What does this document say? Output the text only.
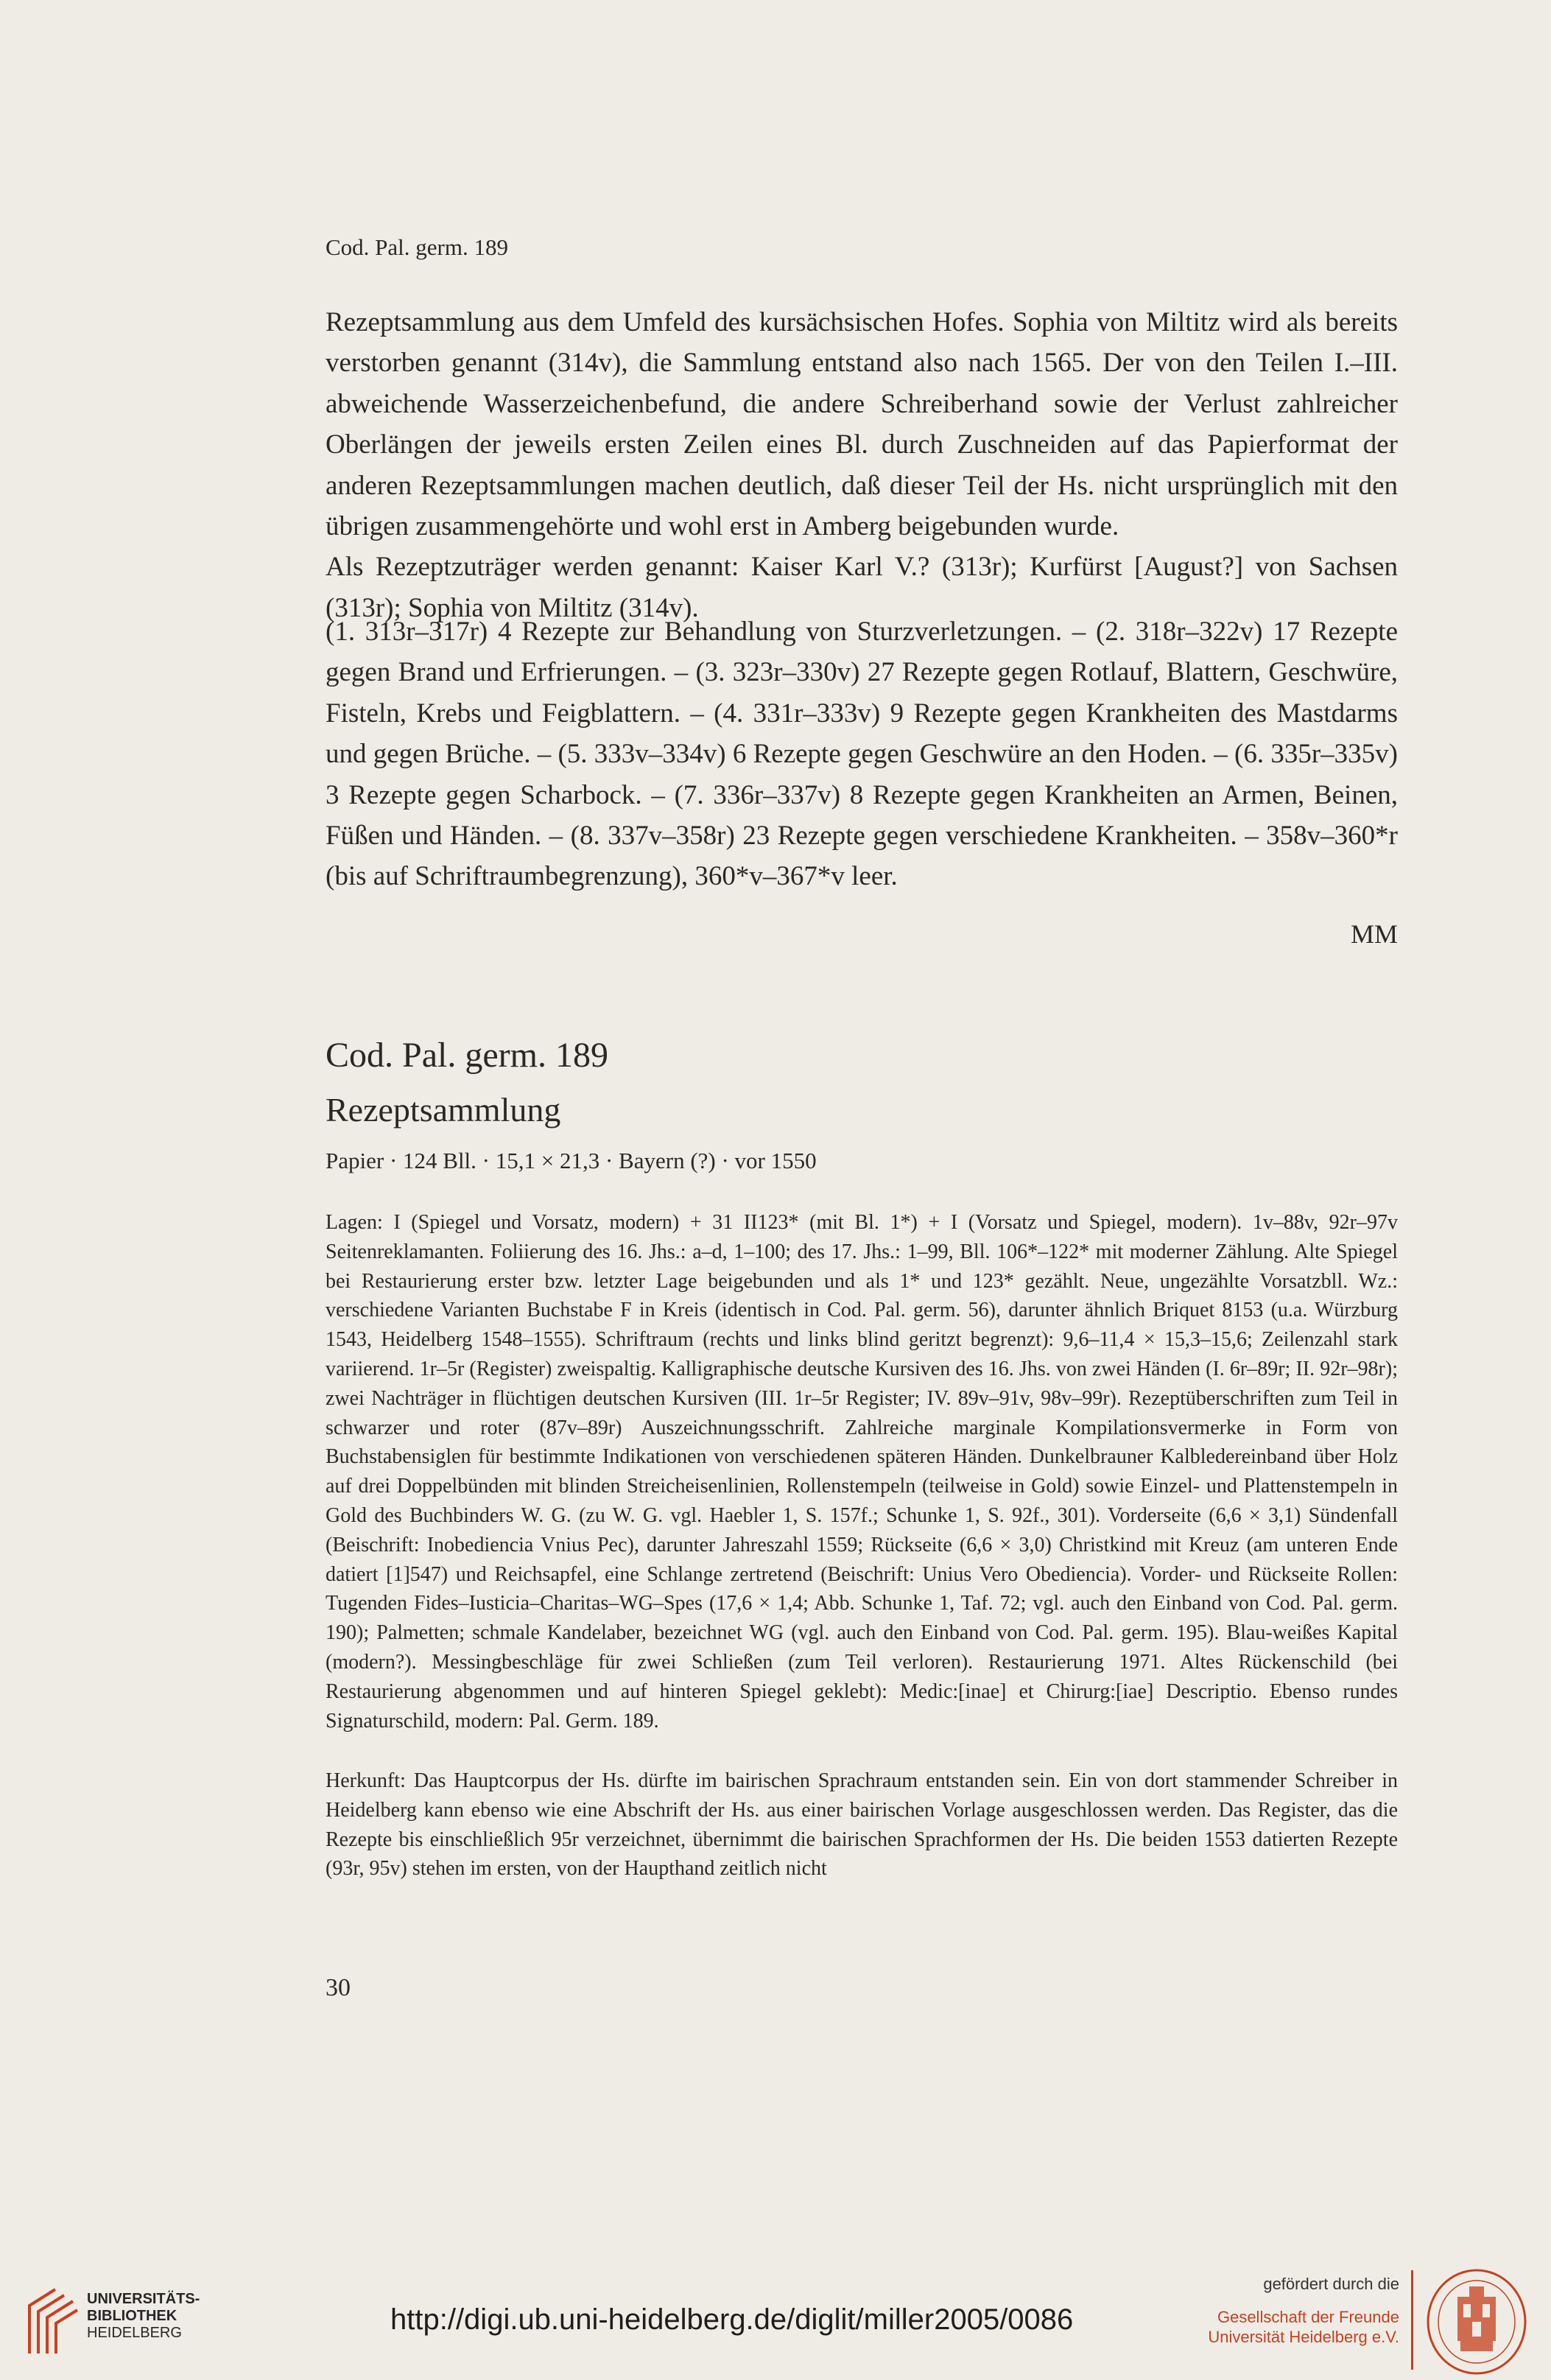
Cod. Pal. germ. 189

Rezeptsammlung aus dem Umfeld des kursächsischen Hofes. Sophia von Miltitz wird als bereits verstorben genannt (314v), die Sammlung entstand also nach 1565. Der von den Teilen I.–III. abweichende Wasserzeichenbefund, die andere Schreiberhand sowie der Verlust zahlreicher Oberlängen der jeweils ersten Zeilen eines Bl. durch Zuschneiden auf das Papierformat der anderen Rezeptsammlungen machen deutlich, daß dieser Teil der Hs. nicht ursprünglich mit den übrigen zusammengehörte und wohl erst in Amberg beigebunden wurde.

Als Rezeptzuträger werden genannt: Kaiser Karl V.? (313r); Kurfürst [August?] von Sachsen (313r); Sophia von Miltitz (314v).

(1. 313r–317r) 4 Rezepte zur Behandlung von Sturzverletzungen. – (2. 318r–322v) 17 Rezepte gegen Brand und Erfrierungen. – (3. 323r–330v) 27 Rezepte gegen Rotlauf, Blattern, Geschwüre, Fisteln, Krebs und Feigblattern. – (4. 331r–333v) 9 Rezepte gegen Krankheiten des Mastdarms und gegen Brüche. – (5. 333v–334v) 6 Rezepte gegen Geschwüre an den Hoden. – (6. 335r–335v) 3 Rezepte gegen Scharbock. – (7. 336r–337v) 8 Rezepte gegen Krankheiten an Armen, Beinen, Füßen und Händen. – (8. 337v–358r) 23 Rezepte gegen verschiedene Krankheiten. – 358v–360*r (bis auf Schriftraumbegrenzung), 360*v–367*v leer.

MM
Cod. Pal. germ. 189
Rezeptsammlung
Papier · 124 Bll. · 15,1 × 21,3 · Bayern (?) · vor 1550

Lagen: I (Spiegel und Vorsatz, modern) + 31 II123* (mit Bl. 1*) + I (Vorsatz und Spiegel, modern). 1v–88v, 92r–97v Seitenreklamanten. Foliierung des 16. Jhs.: a–d, 1–100; des 17. Jhs.: 1–99, Bll. 106*–122* mit moderner Zählung. Alte Spiegel bei Restaurierung erster bzw. letzter Lage beigebunden und als 1* und 123* gezählt. Neue, ungezählte Vorsatzbll. Wz.: verschiedene Varianten Buchstabe F in Kreis (identisch in Cod. Pal. germ. 56), darunter ähnlich Briquet 8153 (u.a. Würzburg 1543, Heidelberg 1548–1555). Schriftraum (rechts und links blind geritzt begrenzt): 9,6–11,4 × 15,3–15,6; Zeilenzahl stark variierend. 1r–5r (Register) zweispaltig. Kalligraphische deutsche Kursiven des 16. Jhs. von zwei Händen (I. 6r–89r; II. 92r–98r); zwei Nachträger in flüchtigen deutschen Kursiven (III. 1r–5r Register; IV. 89v–91v, 98v–99r). Rezeptüberschriften zum Teil in schwarzer und roter (87v–89r) Auszeichnungsschrift. Zahlreiche marginale Kompilationsvermerke in Form von Buchstabensiglen für bestimmte Indikationen von verschiedenen späteren Händen. Dunkelbrauner Kalbledereinband über Holz auf drei Doppelbünden mit blinden Streicheisenlinien, Rollenstempeln (teilweise in Gold) sowie Einzel- und Plattenstempeln in Gold des Buchbinders W. G. (zu W. G. vgl. Haebler 1, S. 157f.; Schunke 1, S. 92f., 301). Vorderseite (6,6 × 3,1) Sündenfall (Beischrift: Inobediencia Vnius Pec), darunter Jahreszahl 1559; Rückseite (6,6 × 3,0) Christkind mit Kreuz (am unteren Ende datiert [1]547) und Reichsapfel, eine Schlange zertretend (Beischrift: Unius Vero Obediencia). Vorder- und Rückseite Rollen: Tugenden Fides–Iusticia–Charitas–WG–Spes (17,6 × 1,4; Abb. Schunke 1, Taf. 72; vgl. auch den Einband von Cod. Pal. germ. 190); Palmetten; schmale Kandelaber, bezeichnet WG (vgl. auch den Einband von Cod. Pal. germ. 195). Blau-weißes Kapital (modern?). Messingbeschläge für zwei Schließen (zum Teil verloren). Restaurierung 1971. Altes Rückenschild (bei Restaurierung abgenommen und auf hinteren Spiegel geklebt): Medic:[inae] et Chirurg:[iae] Descriptio. Ebenso rundes Signaturschild, modern: Pal. Germ. 189.

Herkunft: Das Hauptcorpus der Hs. dürfte im bairischen Sprachraum entstanden sein. Ein von dort stammender Schreiber in Heidelberg kann ebenso wie eine Abschrift der Hs. aus einer bairischen Vorlage ausgeschlossen werden. Das Register, das die Rezepte bis einschließlich 95r verzeichnet, übernimmt die bairischen Sprachformen der Hs. Die beiden 1553 datierten Rezepte (93r, 95v) stehen im ersten, von der Haupthand zeitlich nicht

30
UNIVERSITÄTS-
BIBLIOTHEK
HEIDELBERG	http://digi.ub.uni-heidelberg.de/diglit/miller2005/0086
gefördert durch die
Gesellschaft der Freunde
Universität Heidelberg e.V.
